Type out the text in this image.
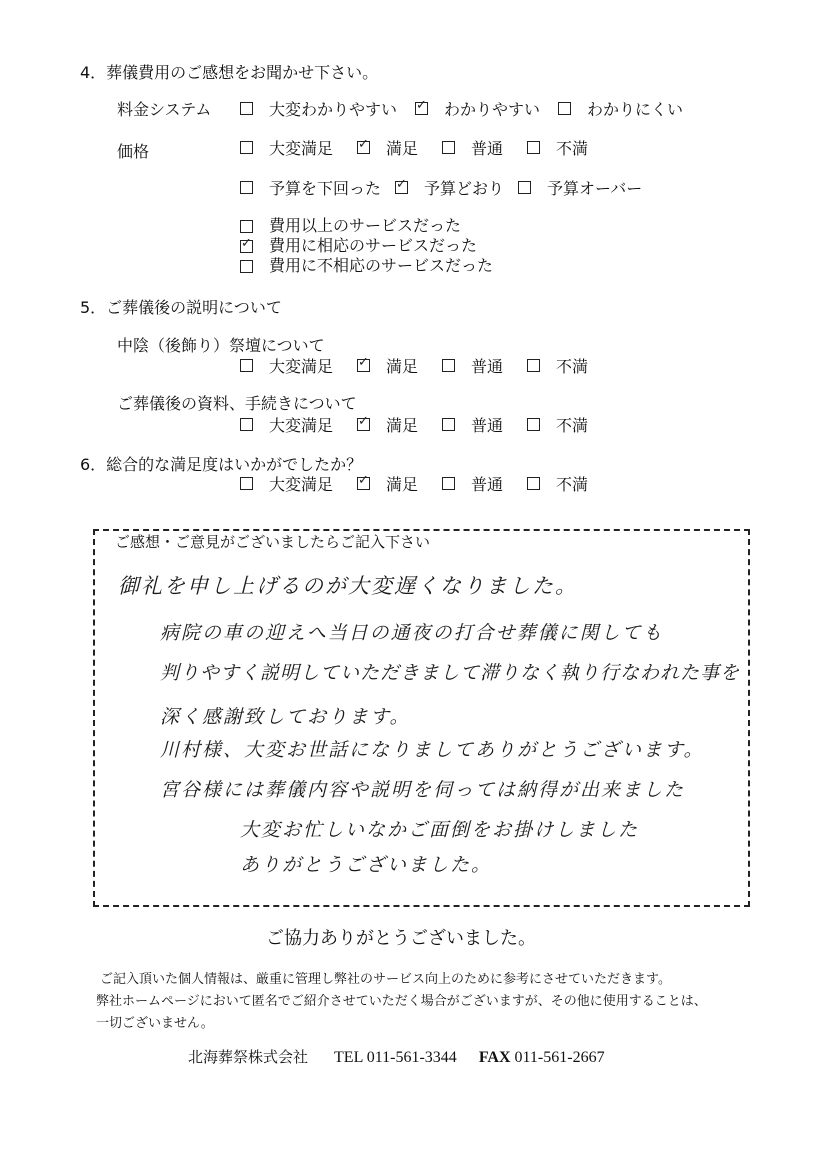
4．葬儀費用のご感想をお聞かせ下さい。
料金システム	大変わかりやすい ✓	わかりやすい	わかりにくい
価格	大変満足 ✓	満足	普通	不満
予算を下回った ✓	予算どおり	予算オーバー
費用以上のサービスだった
✓
費用に相応のサービスだった
費用に不相応のサービスだった
5．ご葬儀後の説明について
中陰（後飾り）祭壇について
大変満足 ✓	満足	普通	不満
ご葬儀後の資料、手続きについて
大変満足 ✓	満足	普通	不満
6．総合的な満足度はいかがでしたか？
大変満足 ✓	満足	普通	不満
ご感想・ご意見がございましたらご記入下さい
御礼を申し上げるのが大変遅くなりました。
病院の車の迎えへ当日の通夜の打合せ葬儀に関しても
判りやすく説明していただきまして滞りなく執り行なわれた事を
深く感謝致しております。
川村様、大変お世話になりましてありがとうございます。
宮谷様には葬儀内容や説明を伺っては納得が出来ました
大変お忙しいなかご面倒をお掛けしました
ありがとうございました。
ご協力ありがとうございました。
ご記入頂いた個人情報は、厳重に管理し弊社のサービス向上のために参考にさせていただきます。
弊社ホームページにおいて匿名でご紹介させていただく場合がございますが、その他に使用することは、
一切ございません。
北海葬祭株式会社 TEL 011-561-3344 FAX 011-561-2667
